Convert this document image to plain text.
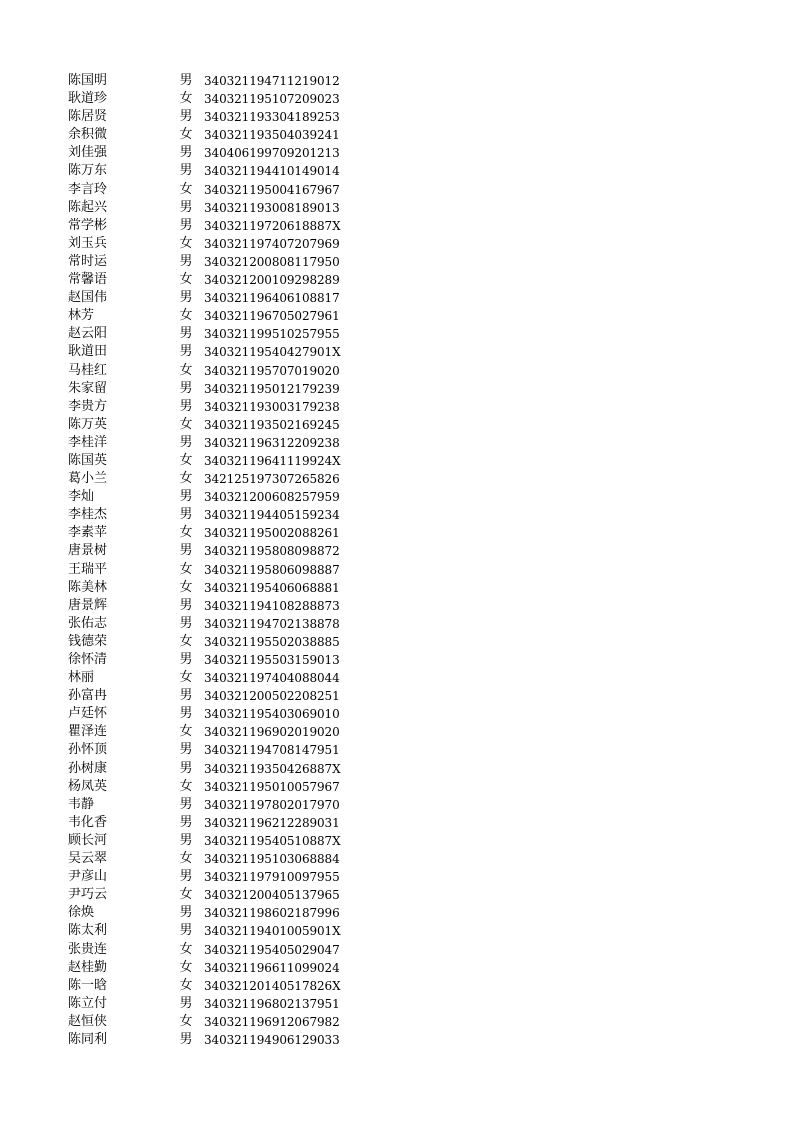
陈国明	男 340321194711219012
耿道珍	女 340321195107209023
陈居贤	男 340321193304189253
余积微	女 340321193504039241
刘佳强	男 340406199709201213
陈万东	男 340321194410149014
李言玲	女 340321195004167967
陈起兴	男 340321193008189013
常学彬	男 34032119720618887X
刘玉兵	女 340321197407207969
常时运	男 340321200808117950
常馨语	女 340321200109298289
赵国伟	男 340321196406108817
林芳	女 340321196705027961
赵云阳	男 340321199510257955
耿道田	男 34032119540427901X
马桂红	女 340321195707019020
朱家留	男 340321195012179239
李贵方	男 340321193003179238
陈万英	女 340321193502169245
李桂洋	男 340321196312209238
陈国英	女 34032119641119924X
葛小兰	女 342125197307265826
李灿	男 340321200608257959
李桂杰	男 340321194405159234
李素苹	女 340321195002088261
唐景树	男 340321195808098872
王瑞平	女 340321195806098887
陈美林	女 340321195406068881
唐景辉	男 340321194108288873
张佑志	男 340321194702138878
钱德荣	女 340321195502038885
徐怀清	男 340321195503159013
林丽	女 340321197404088044
孙富冉	男 340321200502208251
卢廷怀	男 340321195403069010
瞿泽连	女 340321196902019020
孙怀顶	男 340321194708147951
孙树康	男 34032119350426887X
杨凤英	女 340321195010057967
韦静	男 340321197802017970
韦化香	男 340321196212289031
顾长河	男 34032119540510887X
吴云翠	女 340321195103068884
尹彦山	男 340321197910097955
尹巧云	女 340321200405137965
徐焕	男 340321198602187996
陈太利	男 34032119401005901X
张贵连	女 340321195405029047
赵桂勤	女 340321196611099024
陈一晗	女 34032120140517826X
陈立付	男 340321196802137951
赵恒侠	女 340321196912067982
陈同利	男 340321194906129033
